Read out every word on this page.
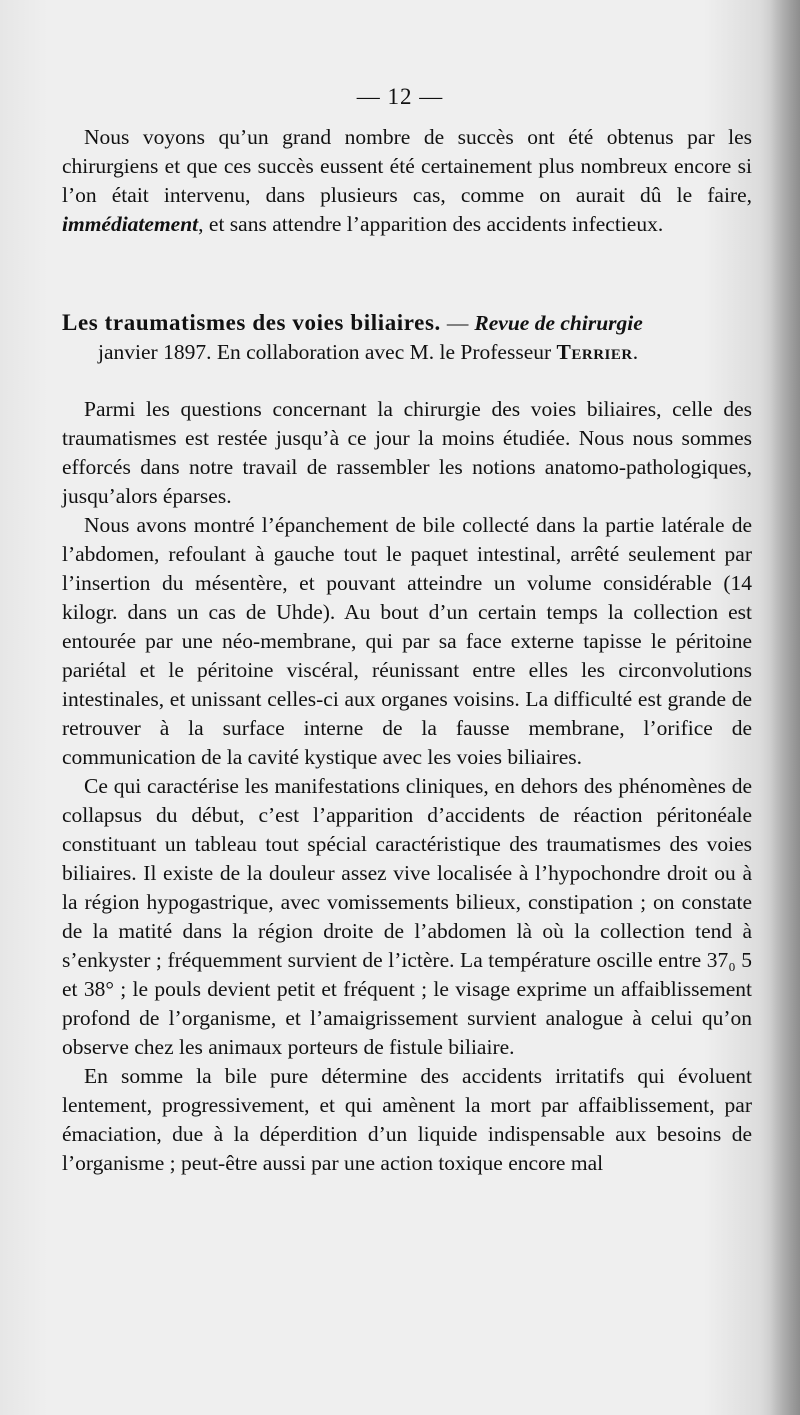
— 12 —

Nous voyons qu’un grand nombre de succès ont été obtenus par les chirurgiens et que ces succès eussent été certainement plus nombreux encore si l’on était intervenu, dans plusieurs cas, comme on aurait dû le faire, immédiatement, et sans attendre l’apparition des accidents infectieux.

Les traumatismes des voies biliaires. — Revue de chirurgie
janvier 1897. En collaboration avec M. le Professeur Terrier.

Parmi les questions concernant la chirurgie des voies biliaires, celle des traumatismes est restée jusqu’à ce jour la moins étudiée. Nous nous sommes efforcés dans notre travail de rassembler les notions anatomo-pathologiques, jusqu’alors éparses.

Nous avons montré l’épanchement de bile collecté dans la partie latérale de l’abdomen, refoulant à gauche tout le paquet intestinal, arrêté seulement par l’insertion du mésentère, et pouvant atteindre un volume considérable (14 kilogr. dans un cas de Uhde). Au bout d’un certain temps la collection est entourée par une néo-membrane, qui par sa face externe tapisse le péritoine pariétal et le péritoine viscéral, réunissant entre elles les circonvolutions intestinales, et unissant celles-ci aux organes voisins. La difficulté est grande de retrouver à la surface interne de la fausse membrane, l’orifice de communication de la cavité kystique avec les voies biliaires.

Ce qui caractérise les manifestations cliniques, en dehors des phénomènes de collapsus du début, c’est l’apparition d’accidents de réaction péritonéale constituant un tableau tout spécial caractéristique des traumatismes des voies biliaires. Il existe de la douleur assez vive localisée à l’hypochondre droit ou à la région hypogastrique, avec vomissements bilieux, constipation ; on constate de la matité dans la région droite de l’abdomen là où la collection tend à s’enkyster ; fréquemment survient de l’ictère. La température oscille entre 37₀ 5 et 38° ; le pouls devient petit et fréquent ; le visage exprime un affaiblissement profond de l’organisme, et l’amaigrissement survient analogue à celui qu’on observe chez les animaux porteurs de fistule biliaire.

En somme la bile pure détermine des accidents irritatifs qui évoluent lentement, progressivement, et qui amènent la mort par affaiblissement, par émaciation, due à la déperdition d’un liquide indispensable aux besoins de l’organisme ; peut-être aussi par une action toxique encore mal
